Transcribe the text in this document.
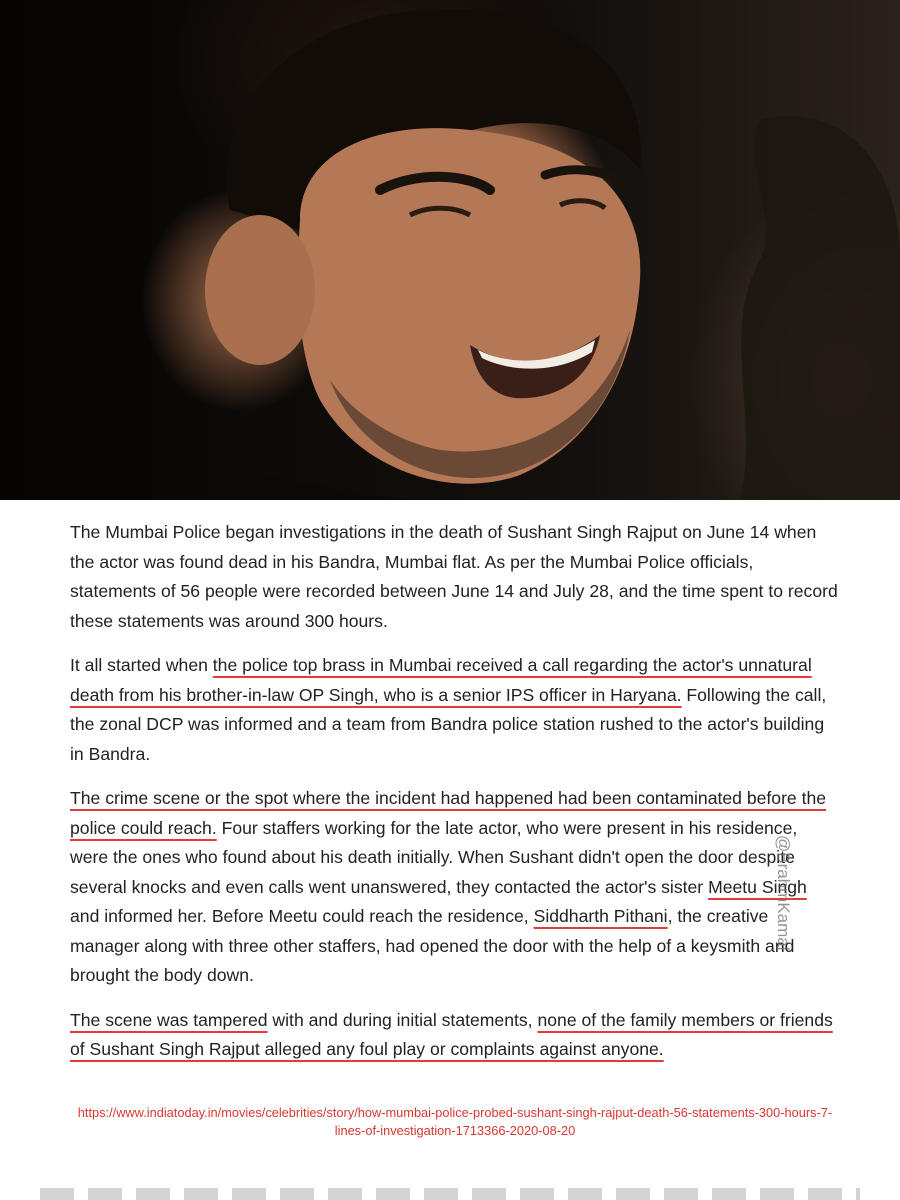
The Mumbai Police began investigations in the death of Sushant Singh Rajput on June 14 when the actor was found dead in his Bandra, Mumbai flat. As per the Mumbai Police officials, statements of 56 people were recorded between June 14 and July 28, and the time spent to record these statements was around 300 hours.

It all started when the police top brass in Mumbai received a call regarding the actor's unnatural death from his brother-in-law OP Singh, who is a senior IPS officer in Haryana. Following the call, the zonal DCP was informed and a team from Bandra police station rushed to the actor's building in Bandra.

The crime scene or the spot where the incident had happened had been contaminated before the police could reach. Four staffers working for the late actor, who were present in his residence, were the ones who found about his death initially. When Sushant didn't open the door despite several knocks and even calls went unanswered, they contacted the actor's sister Meetu Singh and informed her. Before Meetu could reach the residence, Siddharth Pithani, the creative manager along with three other staffers, had opened the door with the help of a keysmith and brought the body down.

The scene was tampered with and during initial statements, none of the family members or friends of Sushant Singh Rajput alleged any foul play or complaints against anyone.

@BrahmKamal
https://www.indiatoday.in/movies/celebrities/story/how-mumbai-police-probed-sushant-singh-rajput-death-56-statements-300-hours-7-lines-of-investigation-1713366-2020-08-20
